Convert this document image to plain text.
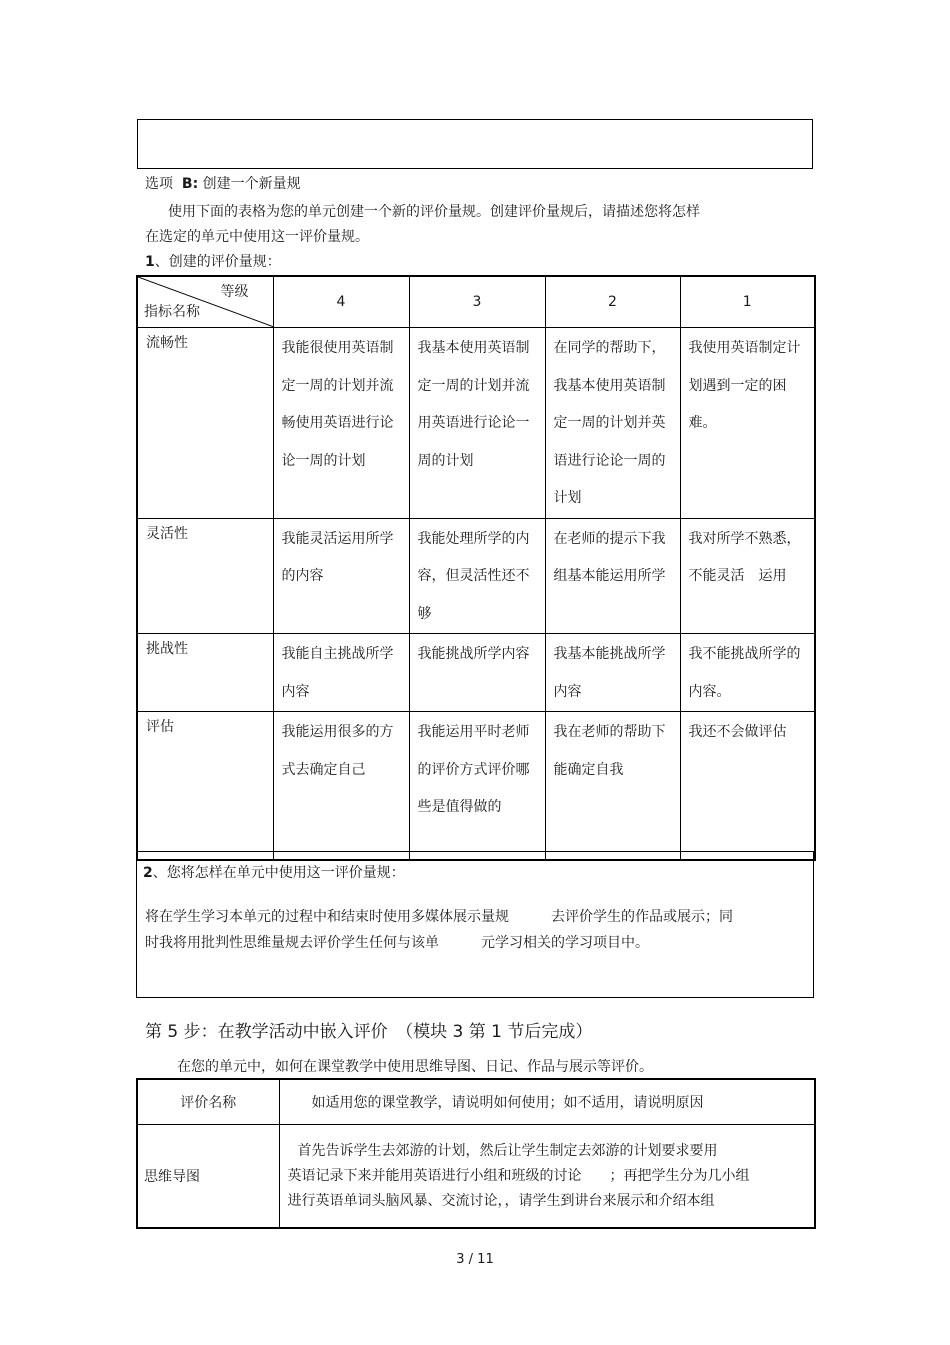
选项 B: 创建一个新量规
使用下面的表格为您的单元创建一个新的评价量规。创建评价量规后，请描述您将怎样
在选定的单元中使用这一评价量规。
1、创建的评价量规：
等级
指标名称	4	3	2	1
流畅性	我能很使用英语制定一周的计划并流畅使用英语进行论论一周的计划	我基本使用英语制定一周的计划并流用英语进行论论一周的计划	在同学的帮助下，我基本使用英语制定一周的计划并英语进行论论一周的计划	我使用英语制定计划遇到一定的困难。

灵活性	我能灵活运用所学的内容	我能处理所学的内容，但灵活性还不够	在老师的提示下我组基本能运用所学	我对所学不熟悉，不能灵活　运用

挑战性	我能自主挑战所学内容	我能挑战所学内容	我基本能挑战所学内容	我不能挑战所学的内容。

评估	我能运用很多的方式去确定自己	我能运用平时老师的评价方式评价哪些是值得做的	我在老师的帮助下能确定自我	我还不会做评估
2、您将怎样在单元中使用这一评价量规：
将在学生学习本单元的过程中和结束时使用多媒体展示量规　　　去评价学生的作品或展示；同
时我将用批判性思维量规去评价学生任何与该单　　　元学习相关的学习项目中。
第 5 步：在教学活动中嵌入评价　（模块 3 第 1 节后完成）
在您的单元中，如何在课堂教学中使用思维导图、日记、作品与展示等评价。
评价名称	如适用您的课堂教学，请说明如何使用；如不适用，请说明原因
思维导图	首先告诉学生去郊游的计划，然后让学生制定去郊游的计划要求要用
英语记录下来并能用英语进行小组和班级的讨论　　；再把学生分为几小组
进行英语单词头脑风暴、交流讨论，，请学生到讲台来展示和介绍本组
3 / 11
